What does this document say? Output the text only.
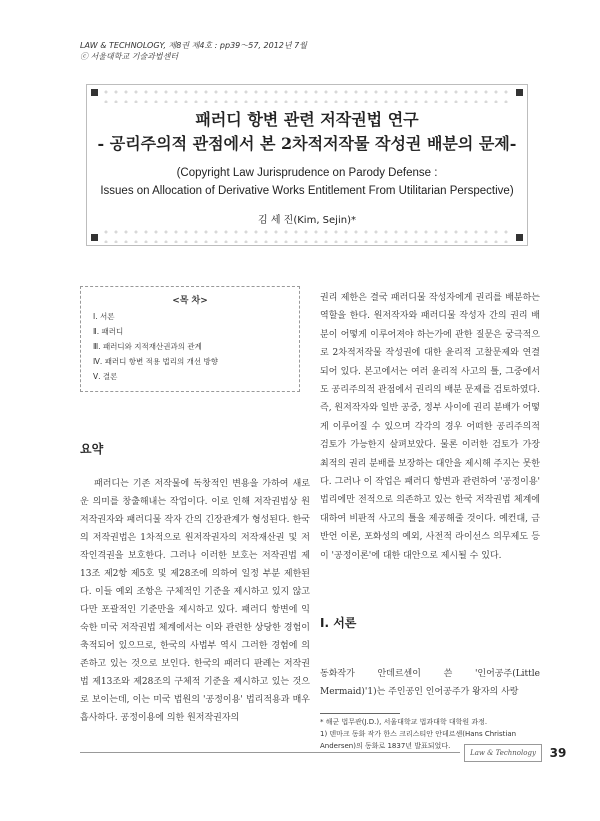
LAW & TECHNOLOGY, 제8권 제4호 : pp39～57, 2012년 7월
ⓒ 서울대학교 기술과법센터
패러디 항변 관련 저작권법 연구
- 공리주의적 관점에서 본 2차적저작물 작성권 배분의 문제-
(Copyright Law Jurisprudence on Parody Defense :
Issues on Allocation of Derivative Works Entitlement From Utilitarian Perspective)
김 세 진(Kim, Sejin)*
<목 차>
Ⅰ. 서론
Ⅱ. 패러디
Ⅲ. 패러디와 지적재산권과의 관계
Ⅳ. 패러디 항변 적용 법리의 개선 방향
Ⅴ. 결론
요약

패러디는 기존 저작물에 독창적인 변용을 가하여 새로운 의미를 창출해내는 작업이다. 이로 인해 저작권법상 원저작권자와 패러디물 작자 간의 긴장관계가 형성된다. 한국의 저작권법은 1차적으로 원저작권자의 저작재산권 및 저작인격권을 보호한다. 그러나 이러한 보호는 저작권법 제13조 제2항 제5호 및 제28조에 의하여 일정 부분 제한된다. 이들 예외 조항은 구체적인 기준을 제시하고 있지 않고 다만 포괄적인 기준만을 제시하고 있다. 패러디 항변에 익숙한 미국 저작권법 체계에서는 이와 관련한 상당한 경험이 축적되어 있으므로, 한국의 사법부 역시 그러한 경험에 의존하고 있는 것으로 보인다. 한국의 패러디 판례는 저작권법 제13조와 제28조의 구체적 기준을 제시하고 있는 것으로 보이는데, 이는 미국 법원의 '공정이용' 법리적용과 매우 흡사하다. 공정이용에 의한 원저작권자의

권리 제한은 결국 패러디물 작성자에게 권리를 배분하는 역할을 한다. 원저작자와 패러디물 작성자 간의 권리 배분이 어떻게 이루어져야 하는가에 관한 질문은 궁극적으로 2차적저작물 작성권에 대한 윤리적 고찰문제와 연결되어 있다. 본고에서는 여러 윤리적 사고의 틀, 그중에서도 공리주의적 관점에서 권리의 배분 문제를 검토하였다. 즉, 원저작자와 일반 공중, 정부 사이에 권리 분배가 어떻게 이루어질 수 있으며 각각의 경우 어떠한 공리주의적 검토가 가능한지 살펴보았다. 물론 이러한 검토가 가장 최적의 권리 분배를 보장하는 대안을 제시해 주지는 못한다. 그러나 이 작업은 패러디 항변과 관련하여 '공정이용' 법리에만 전적으로 의존하고 있는 한국 저작권법 체계에 대하여 비판적 사고의 틀을 제공해줄 것이다. 예컨대, 금반언 이론, 포화성의 예외, 사전적 라이선스 의무제도 등이 '공정이론'에 대한 대안으로 제시될 수 있다.

Ⅰ. 서론

동화작가 안데르센이 쓴 '인어공주(Little Mermaid)'1)는 주인공인 인어공주가 왕자의 사랑

* 해군 법무관(J.D.), 서울대학교 법과대학 대학원 과정.
1) 덴마크 동화 작가 한스 크리스티안 안데르센(Hans Christian Andersen)의 동화로 1837년 발표되었다.
Law & Technology	39
